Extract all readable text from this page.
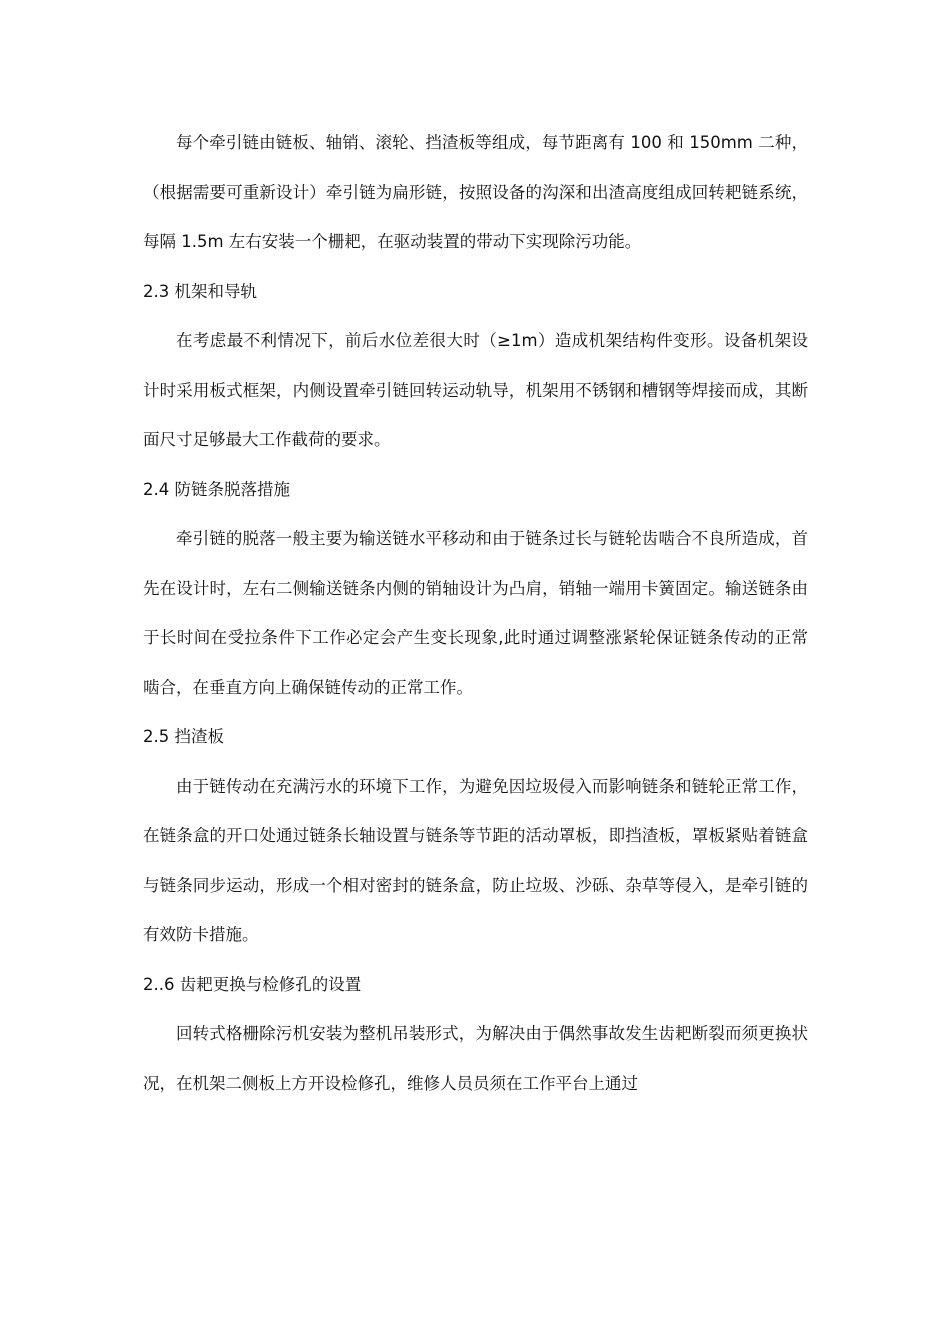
每个牵引链由链板、轴销、滚轮、挡渣板等组成，每节距离有 100 和 150mm 二种，（根据需要可重新设计）牵引链为扁形链，按照设备的沟深和出渣高度组成回转耙链系统，每隔 1.5m 左右安装一个栅耙，在驱动装置的带动下实现除污功能。

2.3 机架和导轨

在考虑最不利情况下，前后水位差很大时（≥1m）造成机架结构件变形。设备机架设计时采用板式框架，内侧设置牵引链回转运动轨导，机架用不锈钢和槽钢等焊接而成，其断面尺寸足够最大工作截荷的要求。

2.4 防链条脱落措施

牵引链的脱落一般主要为输送链水平移动和由于链条过长与链轮齿啮合不良所造成，首先在设计时，左右二侧输送链条内侧的销轴设计为凸肩，销轴一端用卡簧固定。输送链条由于长时间在受拉条件下工作必定会产生变长现象,此时通过调整涨紧轮保证链条传动的正常啮合，在垂直方向上确保链传动的正常工作。

2.5 挡渣板

由于链传动在充满污水的环境下工作，为避免因垃圾侵入而影响链条和链轮正常工作，在链条盒的开口处通过链条长轴设置与链条等节距的活动罩板，即挡渣板，罩板紧贴着链盒与链条同步运动，形成一个相对密封的链条盒，防止垃圾、沙砾、杂草等侵入，是牵引链的有效防卡措施。

2..6 齿耙更换与检修孔的设置

回转式格栅除污机安装为整机吊装形式，为解决由于偶然事故发生齿耙断裂而须更换状况，在机架二侧板上方开设检修孔，维修人员员须在工作平台上通过
